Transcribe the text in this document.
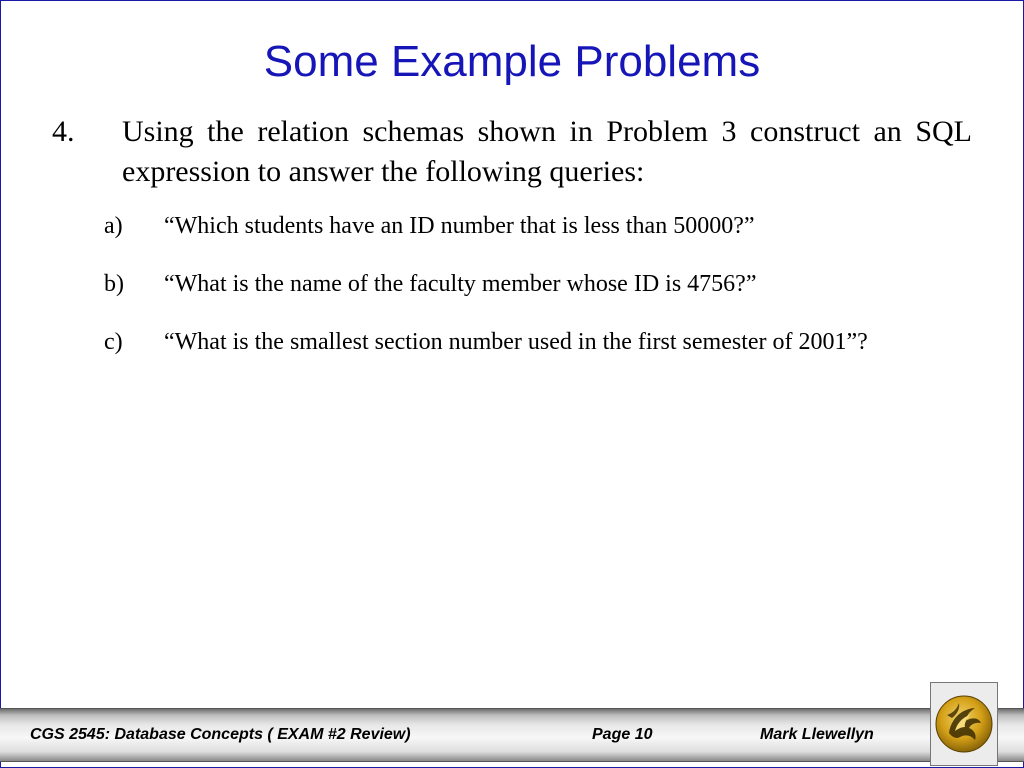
Some Example Problems
4. Using the relation schemas shown in Problem 3 construct an SQL expression to answer the following queries:
a) “Which students have an ID number that is less than 50000?”
b) “What is the name of the faculty member whose ID is 4756?”
c) “What is the smallest section number used in the first semester of 2001”?
CGS 2545: Database Concepts ( EXAM #2 Review)	Page 10	Mark Llewellyn
